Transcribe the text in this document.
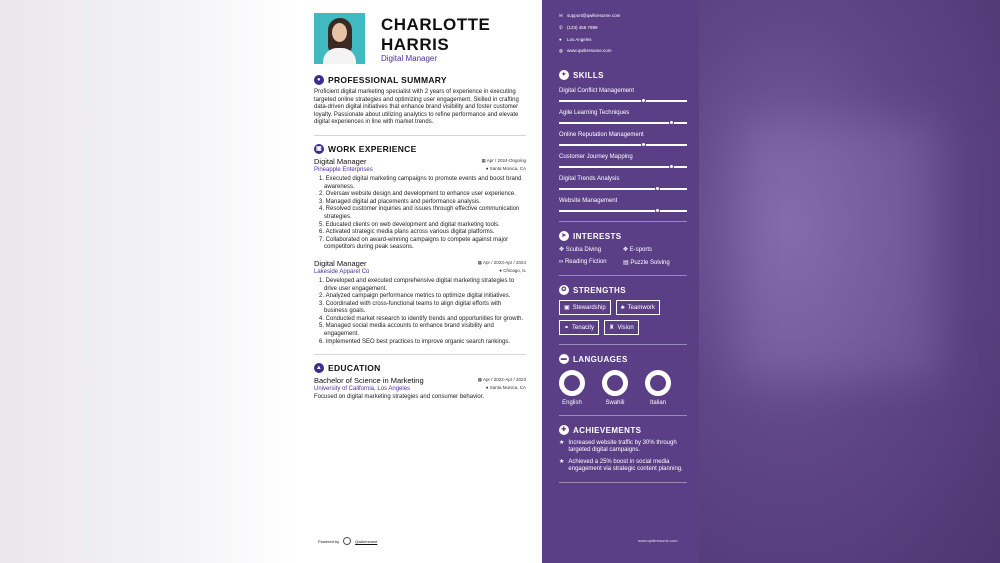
CHARLOTTE
HARRIS
Digital Manager
● PROFESSIONAL SUMMARY

Proficient digital marketing specialist with 2 years of experience in executing targeted online strategies and optimizing user engagement. Skilled in crafting data-driven digital initiatives that enhance brand visibility and foster customer loyalty. Passionate about utilizing analytics to refine performance and elevate digital experiences in line with market trends.

▣ WORK EXPERIENCE
Digital Manager
Pineapple Enterprises
▦ Apr / 2024-Ongoing
● Santa Monica, CA
1. Executed digital marketing campaigns to promote events and boost brand awareness.
2. Oversaw website design and development to enhance user experience.
3. Managed digital ad placements and performance analysis.
4. Resolved customer inquiries and issues through effective communication strategies.
5. Educated clients on web development and digital marketing tools.
6. Activated strategic media plans across various digital platforms.
7. Collaborated on award-winning campaigns to compete against major competitors during peak seasons.
Digital Manager
Lakeside Apparel Co
▦ Apr / 2023-Apr / 2024
● Chicago, IL
1. Developed and executed comprehensive digital marketing strategies to drive user engagement.
2. Analyzed campaign performance metrics to optimize digital initiatives.
3. Coordinated with cross-functional teams to align digital efforts with business goals.
4. Conducted market research to identify trends and opportunities for growth.
5. Managed social media accounts to enhance brand visibility and engagement.
6. Implemented SEO best practices to improve organic search rankings.
▲ EDUCATION
Bachelor of Science in Marketing
University of California, Los Angeles
▦ Apr / 2022-Apr / 2023
● Santa Monica, CA

Focused on digital marketing strategies and consumer behavior.

Powered by	Qwikresume
✉ support@qwikresume.com
✆ (123) 456 7899
● Los Angeles
◍ www.qwikresume.com
✦ SKILLS
Digital Conflict Management
Agile Learning Techniques
Online Reputation Management
Customer Journey Mapping
Digital Trends Analysis
Website Management
➤ INTERESTS
✥ Scuba Diving	✥ E-sports
∞ Reading Fiction	▤ Puzzle Solving
✪ STRENGTHS
▣ Stewardship	♣ Teamwork
⚭ Tenacity	♜ Vision
▬ LANGUAGES
English	Swahili	Italian
✚ ACHIEVEMENTS
★ Increased website traffic by 30% through targeted digital campaigns.
★ Achieved a 25% boost in social media engagement via strategic content planning.
www.qwikresume.com
